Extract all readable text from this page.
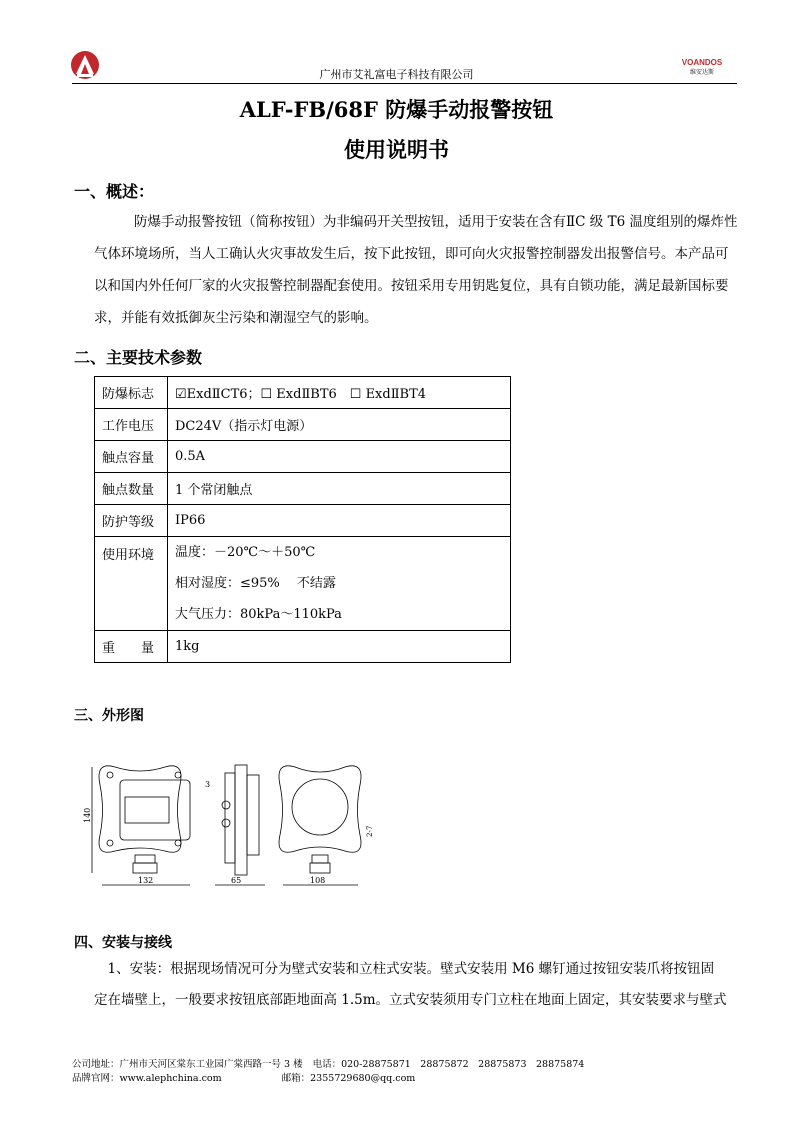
广州市艾礼富电子科技有限公司
VOANDOS
维安达斯
ALF-FB/68F 防爆手动报警按钮
使用说明书
一、概述：
防爆手动报警按钮（简称按钮）为非编码开关型按钮，适用于安装在含有ⅡC 级 T6 温度组别的爆炸性
气体环境场所，当人工确认火灾事故发生后，按下此按钮，即可向火灾报警控制器发出报警信号。本产品可
以和国内外任何厂家的火灾报警控制器配套使用。按钮采用专用钥匙复位，具有自锁功能，满足最新国标要
求，并能有效抵御灰尘污染和潮湿空气的影响。
二、主要技术参数
防爆标志	☑ExdⅡCT6；☐ ExdⅡBT6　☐ ExdⅡBT4
工作电压	DC24V（指示灯电源）
触点容量	0.5A
触点数量	1 个常闭触点
防护等级	IP66
使用环境	温度：－20℃～＋50℃
相对湿度：≤95%　 不结露
大气压力：80kPa～110kPa

重　　量	1kg
三、外形图
140
132
3
65	108
2-7
四、安装与接线
　1、安装：根据现场情况可分为壁式安装和立柱式安装。壁式安装用 M6 螺钉通过按钮安装爪将按钮固
定在墙壁上，一般要求按钮底部距地面高 1.5m。立式安装须用专门立柱在地面上固定，其安装要求与壁式
公司地址：广州市天河区棠东工业园广棠西路一号 3 楼 电话：020-28875871　28875872　28875873　28875874
品牌官网：www.alephchina.com	邮箱：2355729680@qq.com
